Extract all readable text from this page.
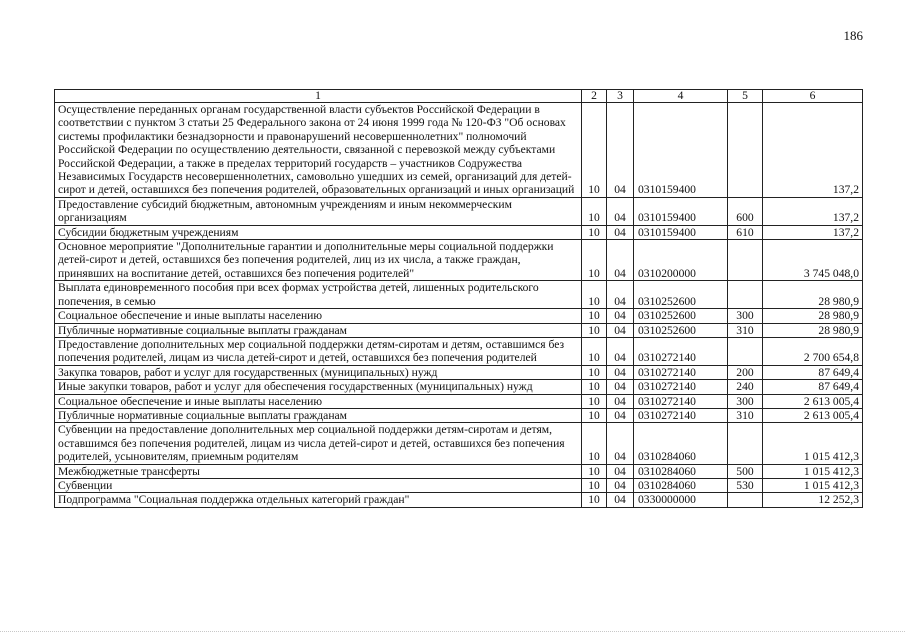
186
1	2	3	4	5	6
Осуществление переданных органам государственной власти субъектов Российской Федерации в соответствии с пунктом 3 статьи 25 Федерального закона от 24 июня 1999 года № 120-ФЗ "Об основах системы профилактики безнадзорности и правонарушений несовершеннолетних" полномочий Российской Федерации по осуществлению деятельности, связанной с перевозкой между субъектами Российской Федерации, а также в пределах территорий государств – участников Содружества Независимых Государств несовершеннолетних, самовольно ушедших из семей, организаций для детей-сирот и детей, оставшихся без попечения родителей, образовательных организаций и иных организаций	10	04	0310159400		137,2
Предоставление субсидий бюджетным, автономным учреждениям и иным некоммерческим организациям	10	04	0310159400	600	137,2
Субсидии бюджетным учреждениям	10	04	0310159400	610	137,2
Основное мероприятие "Дополнительные гарантии и дополнительные меры социальной поддержки детей-сирот и детей, оставшихся без попечения родителей, лиц из их числа, а также граждан, принявших на воспитание детей, оставшихся без попечения родителей"	10	04	0310200000		3 745 048,0
Выплата единовременного пособия при всех формах устройства детей, лишенных родительского попечения, в семью	10	04	0310252600		28 980,9
Социальное обеспечение и иные выплаты населению	10	04	0310252600	300	28 980,9
Публичные нормативные социальные выплаты гражданам	10	04	0310252600	310	28 980,9
Предоставление дополнительных мер социальной поддержки детям-сиротам и детям, оставшимся без попечения родителей, лицам из числа детей-сирот и детей, оставшихся без попечения родителей	10	04	0310272140		2 700 654,8
Закупка товаров, работ и услуг для государственных (муниципальных) нужд	10	04	0310272140	200	87 649,4
Иные закупки товаров, работ и услуг для обеспечения государственных (муниципальных) нужд	10	04	0310272140	240	87 649,4
Социальное обеспечение и иные выплаты населению	10	04	0310272140	300	2 613 005,4
Публичные нормативные социальные выплаты гражданам	10	04	0310272140	310	2 613 005,4
Субвенции на предоставление дополнительных мер социальной поддержки детям-сиротам и детям, оставшимся без попечения родителей, лицам из числа детей-сирот и детей, оставшихся без попечения родителей, усыновителям, приемным родителям	10	04	0310284060		1 015 412,3
Межбюджетные трансферты	10	04	0310284060	500	1 015 412,3
Субвенции	10	04	0310284060	530	1 015 412,3
Подпрограмма "Социальная поддержка отдельных категорий граждан"	10	04	0330000000		12 252,3
